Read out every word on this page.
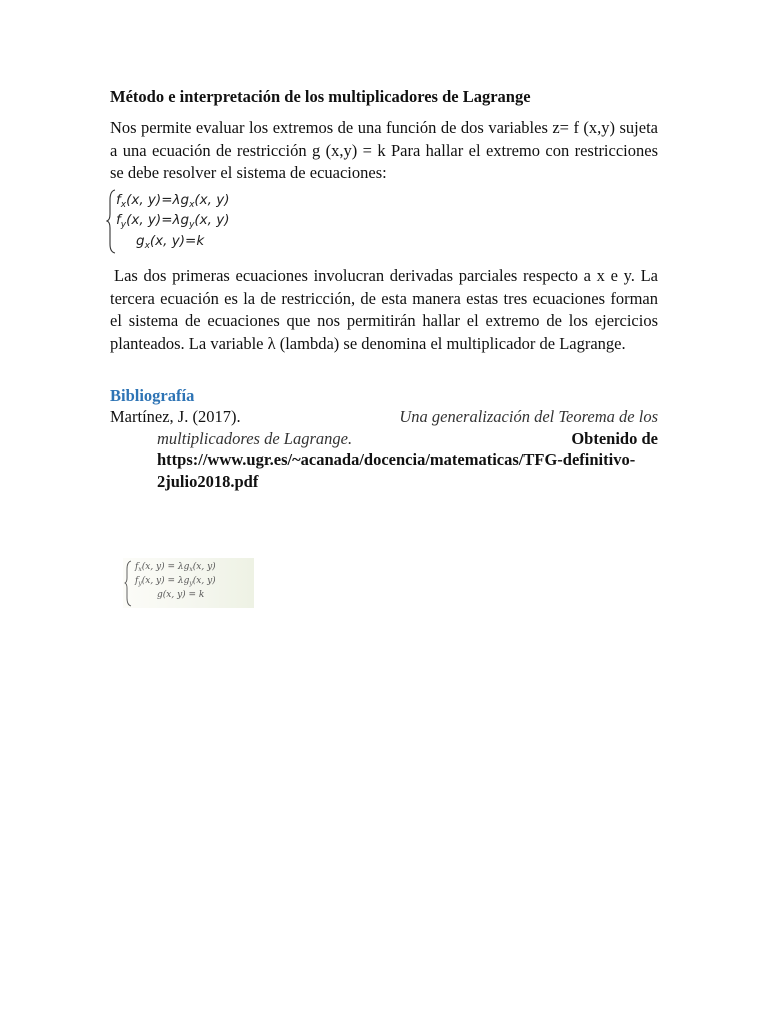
Método e interpretación de los multiplicadores de Lagrange
Nos permite evaluar los extremos de una función de dos variables z= f (x,y) sujeta a una ecuación de restricción g (x,y) = k Para hallar el extremo con restricciones se debe resolver el sistema de ecuaciones:
$f_x(x$, $y)=\lambda g_x(x$, y)
$f_y(x$, $y)=\lambda g_y(x$, y)
$g_x(x$, y)=k
Las dos primeras ecuaciones involucran derivadas parciales respecto a x e y. La tercera ecuación es la de restricción, de esta manera estas tres ecuaciones forman el sistema de ecuaciones que nos permitirán hallar el extremo de los ejercicios planteados. La variable λ (lambda) se denomina el multiplicador de Lagrange.
Bibliografía
Martínez, J. (2017).	Una generalización del Teorema de los
multiplicadores de Lagrange.	Obtenido de
https://www.ugr.es/~acanada/docencia/matematicas/TFG-definitivo-
2julio2018.pdf
$f_x(x$, $y) = \lambda g_x(x$, y)
$f_y(x$, $y) = \lambda g_y(x$, y)
g(x, y) = k
